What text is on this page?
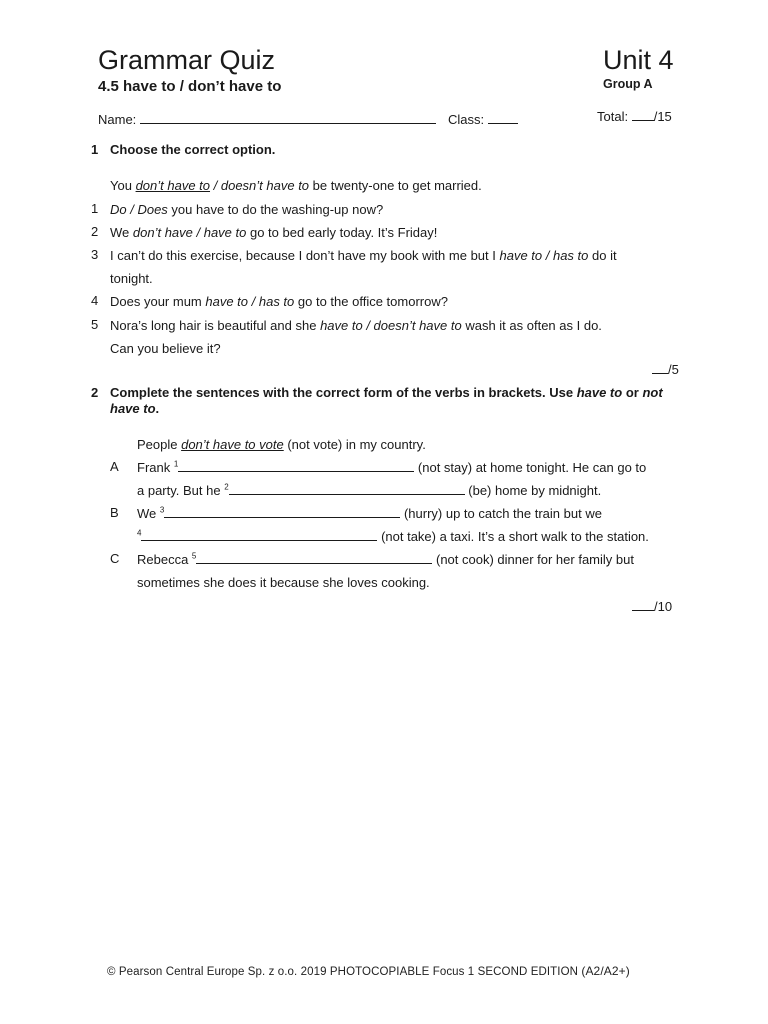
Grammar Quiz	Unit 4
4.5 have to / don’t have to	Group A
Name:	Class:	Total: /15
1 Choose the correct option.
You don’t have to / doesn’t have to be twenty-one to get married.
1 Do / Does you have to do the washing-up now?
2 We don’t have / have to go to bed early today. It’s Friday!
3 I can’t do this exercise, because I don’t have my book with me but I have to / has to do it
tonight.
4 Does your mum have to / has to go to the office tomorrow?
5 Nora’s long hair is beautiful and she have to / doesn’t have to wash it as often as I do.
Can you believe it?
/5
2 Complete the sentences with the correct form of the verbs in brackets. Use have to or not have to.
People don’t have to vote (not vote) in my country.
A Frank $^1$	(not stay) at home tonight. He can go to
a party. But he $^2$	(be) home by midnight.
B We $^3$	(hurry) up to catch the train but we
$^4$	(not take) a taxi. It’s a short walk to the station.
C Rebecca $^5$	(not cook) dinner for her family but
sometimes she does it because she loves cooking.
/10
© Pearson Central Europe Sp. z o.o. 2019 PHOTOCOPIABLE Focus 1 SECOND EDITION (A2/A2+)
